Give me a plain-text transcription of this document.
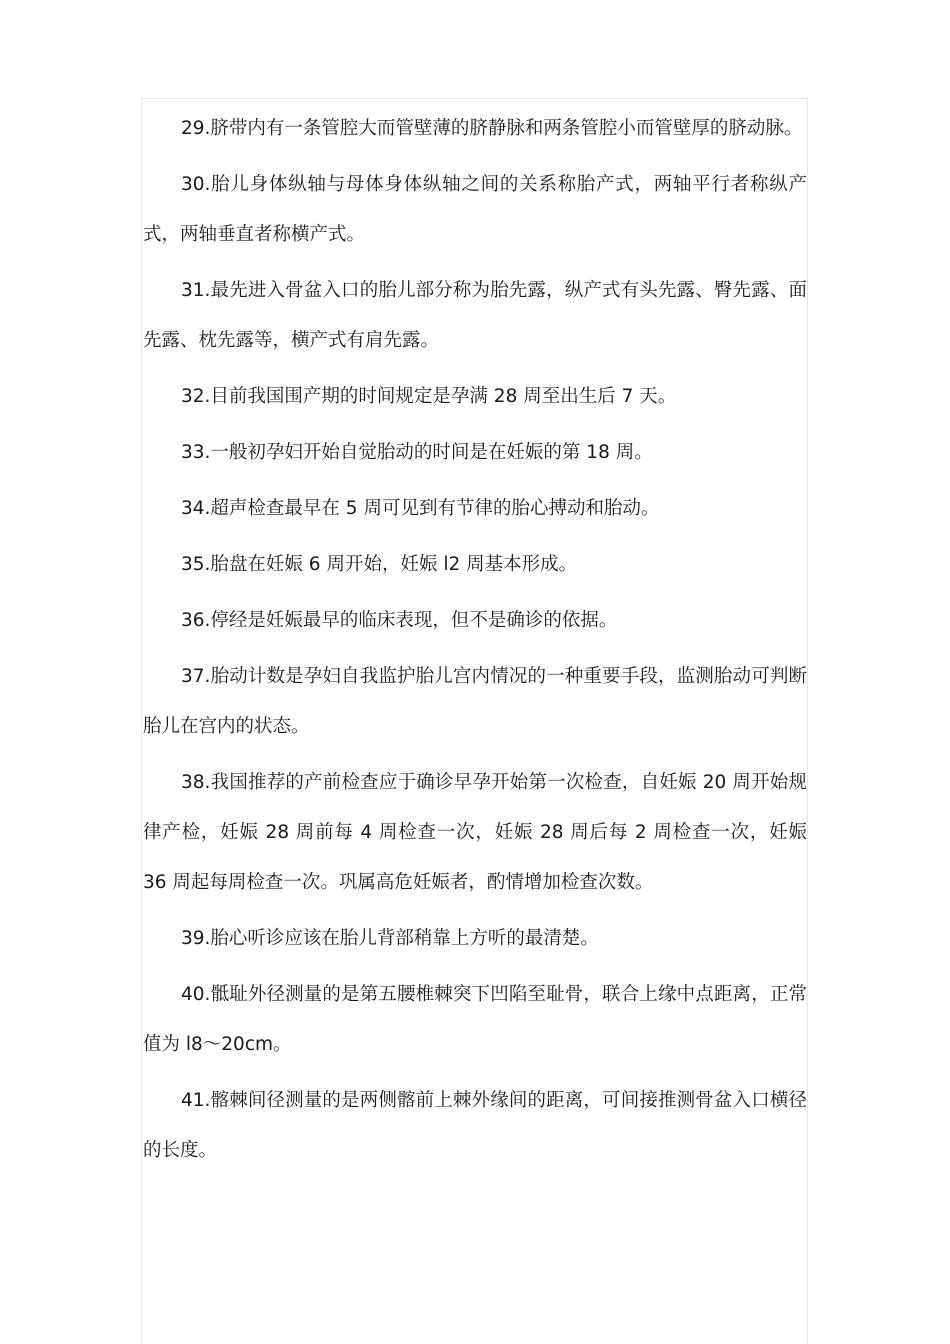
29.脐带内有一条管腔大而管壁薄的脐静脉和两条管腔小而管壁厚的脐动脉。

30.胎儿身体纵轴与母体身体纵轴之间的关系称胎产式，两轴平行者称纵产式，两轴垂直者称横产式。

31.最先进入骨盆入口的胎儿部分称为胎先露，纵产式有头先露、臀先露、面先露、枕先露等，横产式有肩先露。

32.目前我国围产期的时间规定是孕满 28 周至出生后 7 天。

33.一般初孕妇开始自觉胎动的时间是在妊娠的第 18 周。

34.超声检查最早在 5 周可见到有节律的胎心搏动和胎动。

35.胎盘在妊娠 6 周开始，妊娠 l2 周基本形成。

36.停经是妊娠最早的临床表现，但不是确诊的依据。

37.胎动计数是孕妇自我监护胎儿宫内情况的一种重要手段，监测胎动可判断胎儿在宫内的状态。

38.我国推荐的产前检查应于确诊早孕开始第一次检查，自妊娠 20 周开始规律产检，妊娠 28 周前每 4 周检查一次，妊娠 28 周后每 2 周检查一次，妊娠 36 周起每周检查一次。巩属高危妊娠者，酌情增加检查次数。

39.胎心听诊应该在胎儿背部稍靠上方听的最清楚。

40.骶耻外径测量的是第五腰椎棘突下凹陷至耻骨，联合上缘中点距离，正常值为 l8～20cm。

41.髂棘间径测量的是两侧髂前上棘外缘间的距离，可间接推测骨盆入口横径的长度。
